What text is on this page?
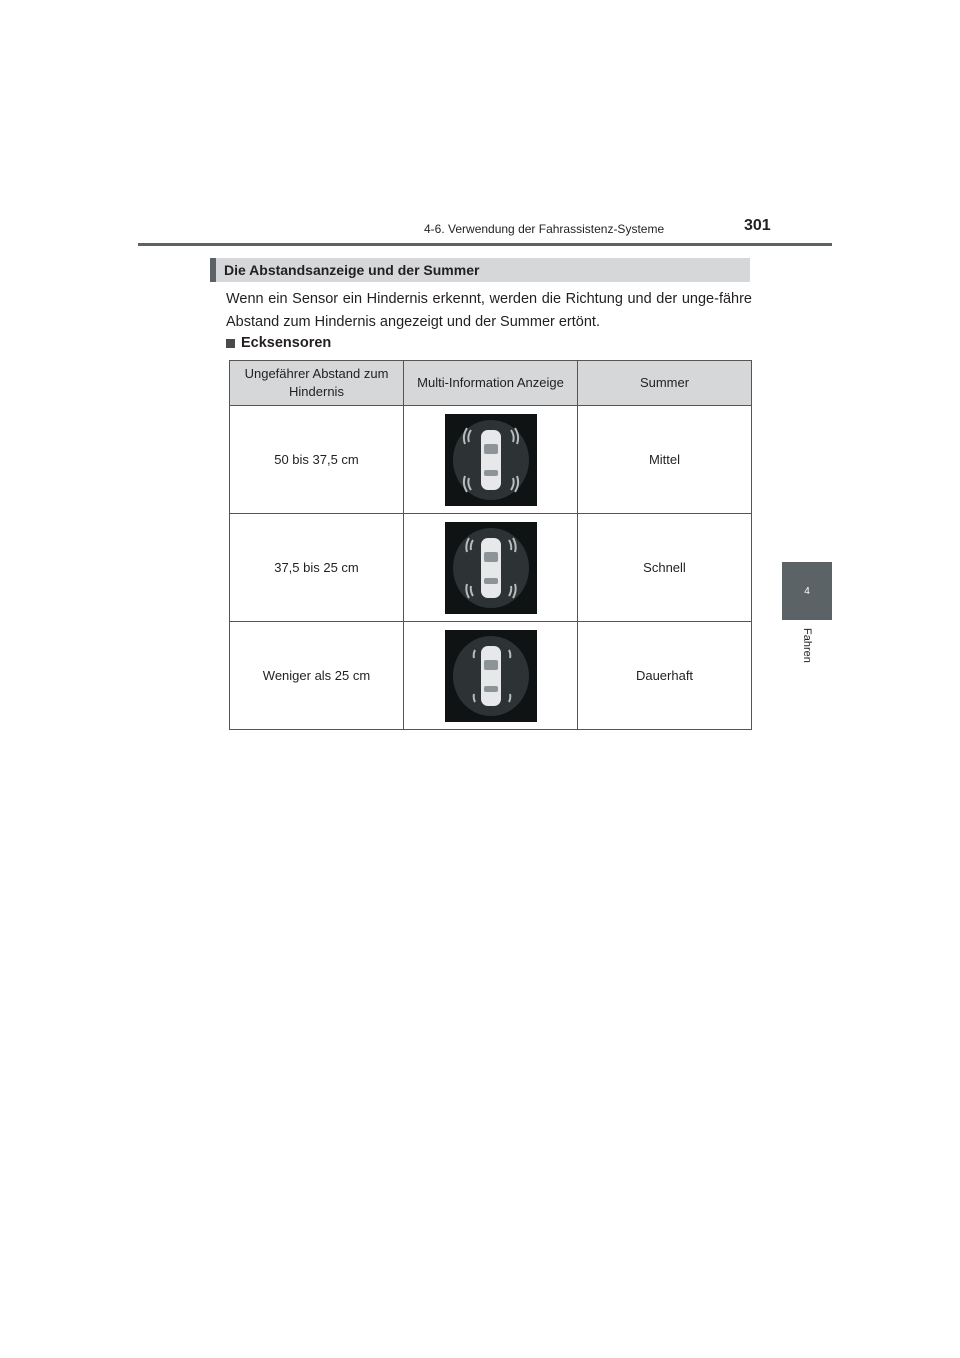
4-6. Verwendung der Fahrassistenz-Systeme	301
4
Fahren
Die Abstandsanzeige und der Summer
Wenn ein Sensor ein Hindernis erkennt, werden die Richtung und der unge-fähre Abstand zum Hindernis angezeigt und der Summer ertönt.
Ecksensoren
Ungefährer Abstand zum Hindernis	Multi-Information Anzeige	Summer
50 bis 37,5 cm		Mittel
37,5 bis 25 cm		Schnell
Weniger als 25 cm		Dauerhaft
